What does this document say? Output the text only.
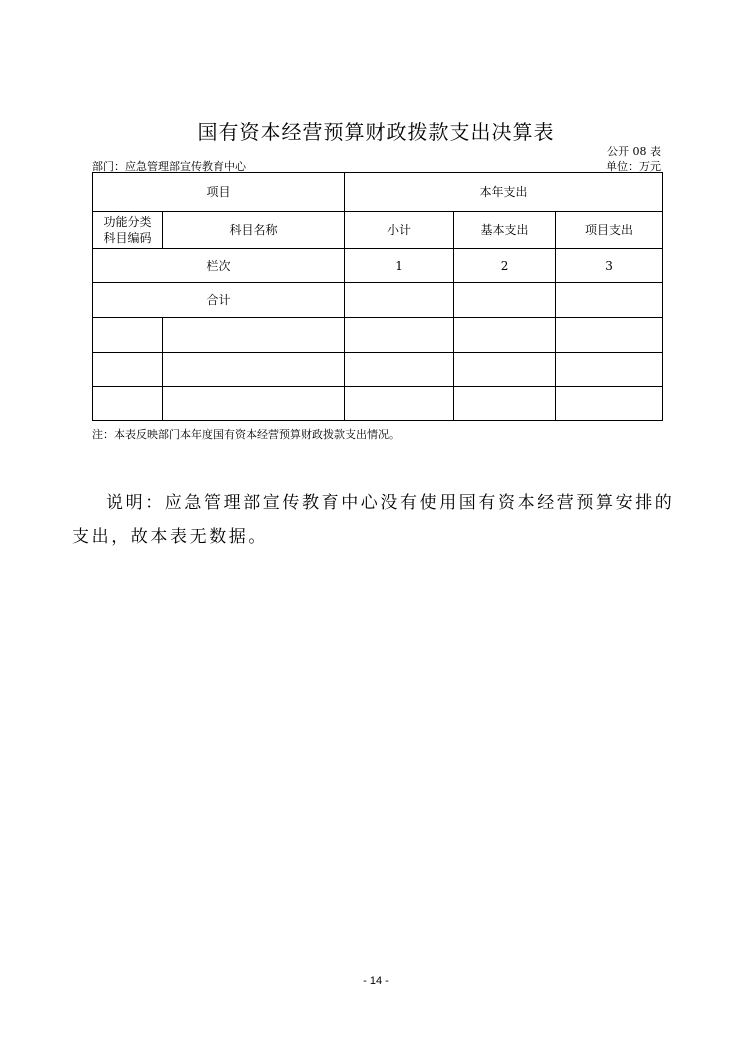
国有资本经营预算财政拨款支出决算表
公开 08 表
部门：应急管理部宣传教育中心	单位：万元
项目		本年支出		

功能分类
科目编码	科目名称	小计	基本支出	项目支出
栏次		1	2	3
合计				

注：本表反映部门本年度国有资本经营预算财政拨款支出情况。
说明：应急管理部宣传教育中心没有使用国有资本经营预算安排的支出，故本表无数据。
- 14 -
